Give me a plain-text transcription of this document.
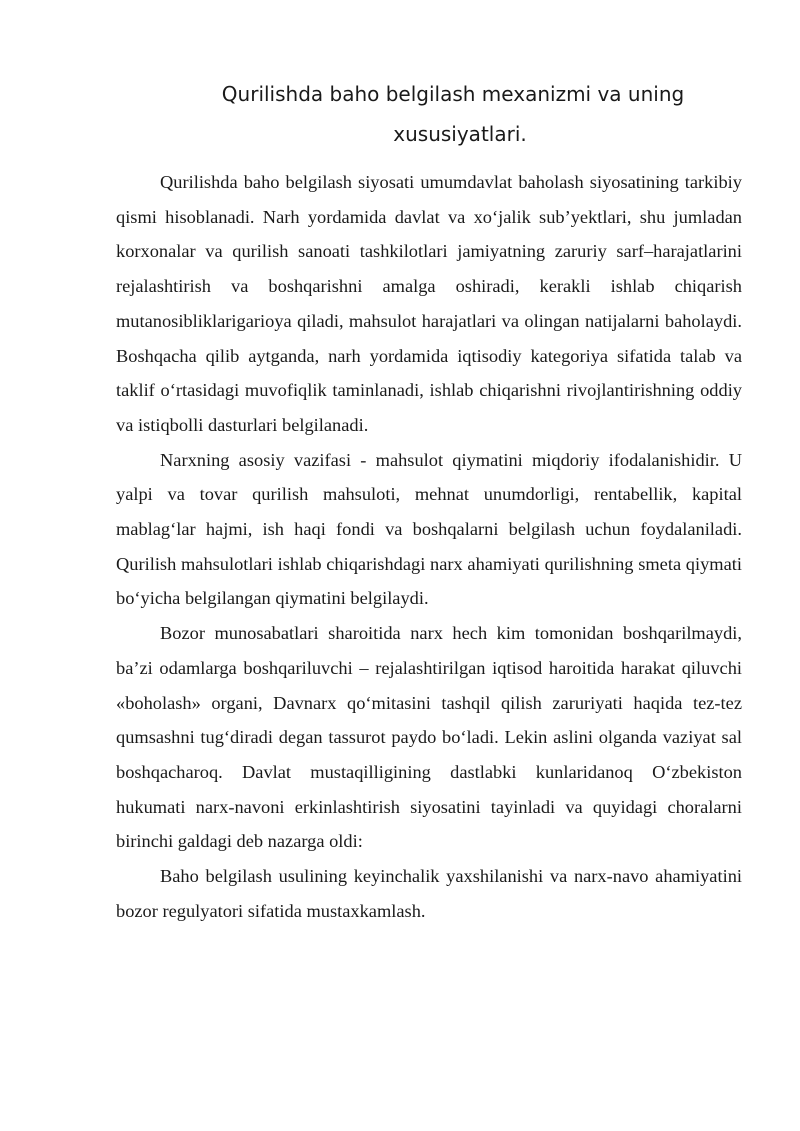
Qurilishda baho belgilash mexanizmi va uning
xususiyatlari.

Qurilishda baho belgilash siyosati umumdavlat baholash siyosatining tarkibiy qismi hisoblanadi. Narh yordamida davlat va xo‘jalik sub’yektlari, shu jumladan korxonalar va qurilish sanoati tashkilotlari jamiyatning zaruriy sarf–harajatlarini rejalashtirish va boshqarishni amalga oshiradi, kerakli ishlab chiqarish mutanosibliklarigarioya qiladi, mahsulot harajatlari va olingan natijalarni baholaydi. Boshqacha qilib aytganda, narh yordamida iqtisodiy kategoriya sifatida talab va taklif o‘rtasidagi muvofiqlik taminlanadi, ishlab chiqarishni rivojlantirishning oddiy va istiqbolli dasturlari belgilanadi.

Narxning asosiy vazifasi - mahsulot qiymatini miqdoriy ifodalanishidir. U yalpi va tovar qurilish mahsuloti, mehnat unumdorligi, rentabellik, kapital mablag‘lar hajmi, ish haqi fondi va boshqalarni belgilash uchun foydalaniladi. Qurilish mahsulotlari ishlab chiqarishdagi narx ahamiyati qurilishning smeta qiymati bo‘yicha belgilangan qiymatini belgilaydi.

Bozor munosabatlari sharoitida narx hech kim tomonidan boshqarilmaydi, ba’zi odamlarga boshqariluvchi – rejalashtirilgan iqtisod haroitida harakat qiluvchi «boholash» organi, Davnarx qo‘mitasini tashqil qilish zaruriyati haqida tez-tez qumsashni tug‘diradi degan tassurot paydo bo‘ladi. Lekin aslini olganda vaziyat sal boshqacharoq. Davlat mustaqilligining dastlabki kunlaridanoq O‘zbekiston hukumati narx-navoni erkinlashtirish siyosatini tayinladi va quyidagi choralarni birinchi galdagi deb nazarga oldi:

Baho belgilash usulining keyinchalik yaxshilanishi va narx-navo ahamiyatini bozor regulyatori sifatida mustaxkamlash.
